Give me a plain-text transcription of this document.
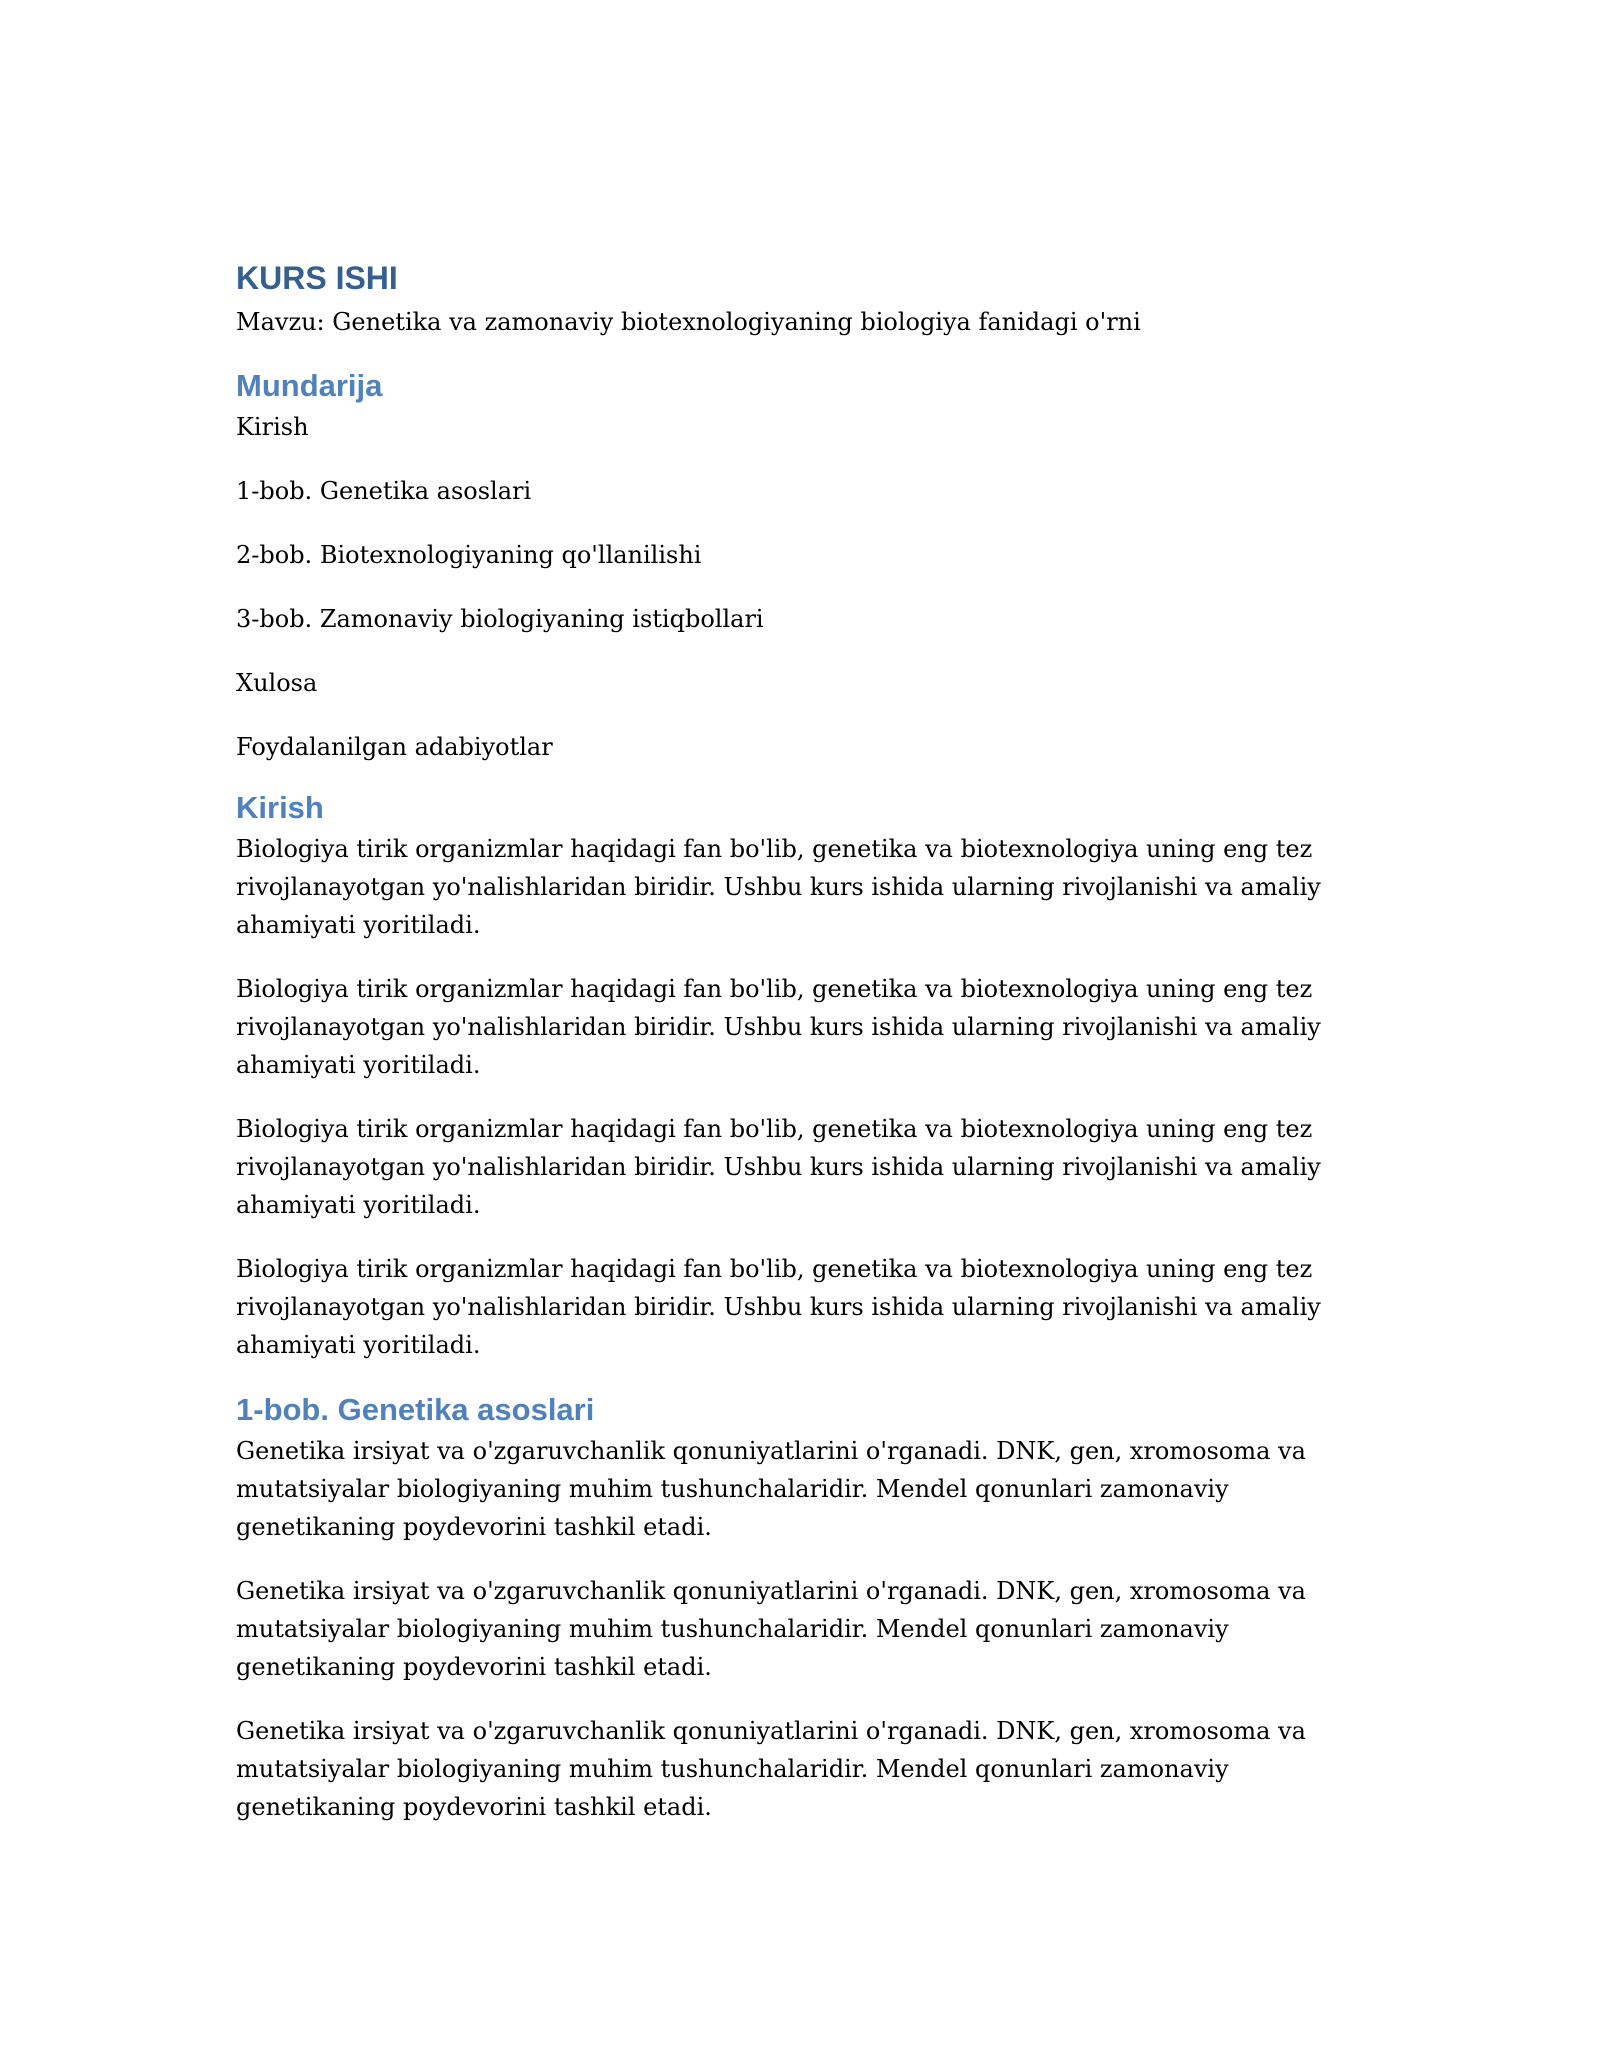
KURS ISHI

Mavzu: Genetika va zamonaviy biotexnologiyaning biologiya fanidagi o'rni

Mundarija

Kirish

1-bob. Genetika asoslari

2-bob. Biotexnologiyaning qo'llanilishi

3-bob. Zamonaviy biologiyaning istiqbollari

Xulosa

Foydalanilgan adabiyotlar

Kirish

Biologiya tirik organizmlar haqidagi fan bo'lib, genetika va biotexnologiya uning eng tez rivojlanayotgan yo'nalishlaridan biridir. Ushbu kurs ishida ularning rivojlanishi va amaliy ahamiyati yoritiladi.

Biologiya tirik organizmlar haqidagi fan bo'lib, genetika va biotexnologiya uning eng tez rivojlanayotgan yo'nalishlaridan biridir. Ushbu kurs ishida ularning rivojlanishi va amaliy ahamiyati yoritiladi.

Biologiya tirik organizmlar haqidagi fan bo'lib, genetika va biotexnologiya uning eng tez rivojlanayotgan yo'nalishlaridan biridir. Ushbu kurs ishida ularning rivojlanishi va amaliy ahamiyati yoritiladi.

Biologiya tirik organizmlar haqidagi fan bo'lib, genetika va biotexnologiya uning eng tez rivojlanayotgan yo'nalishlaridan biridir. Ushbu kurs ishida ularning rivojlanishi va amaliy ahamiyati yoritiladi.

1-bob. Genetika asoslari

Genetika irsiyat va o'zgaruvchanlik qonuniyatlarini o'rganadi. DNK, gen, xromosoma va mutatsiyalar biologiyaning muhim tushunchalaridir. Mendel qonunlari zamonaviy genetikaning poydevorini tashkil etadi.

Genetika irsiyat va o'zgaruvchanlik qonuniyatlarini o'rganadi. DNK, gen, xromosoma va mutatsiyalar biologiyaning muhim tushunchalaridir. Mendel qonunlari zamonaviy genetikaning poydevorini tashkil etadi.

Genetika irsiyat va o'zgaruvchanlik qonuniyatlarini o'rganadi. DNK, gen, xromosoma va mutatsiyalar biologiyaning muhim tushunchalaridir. Mendel qonunlari zamonaviy genetikaning poydevorini tashkil etadi.
